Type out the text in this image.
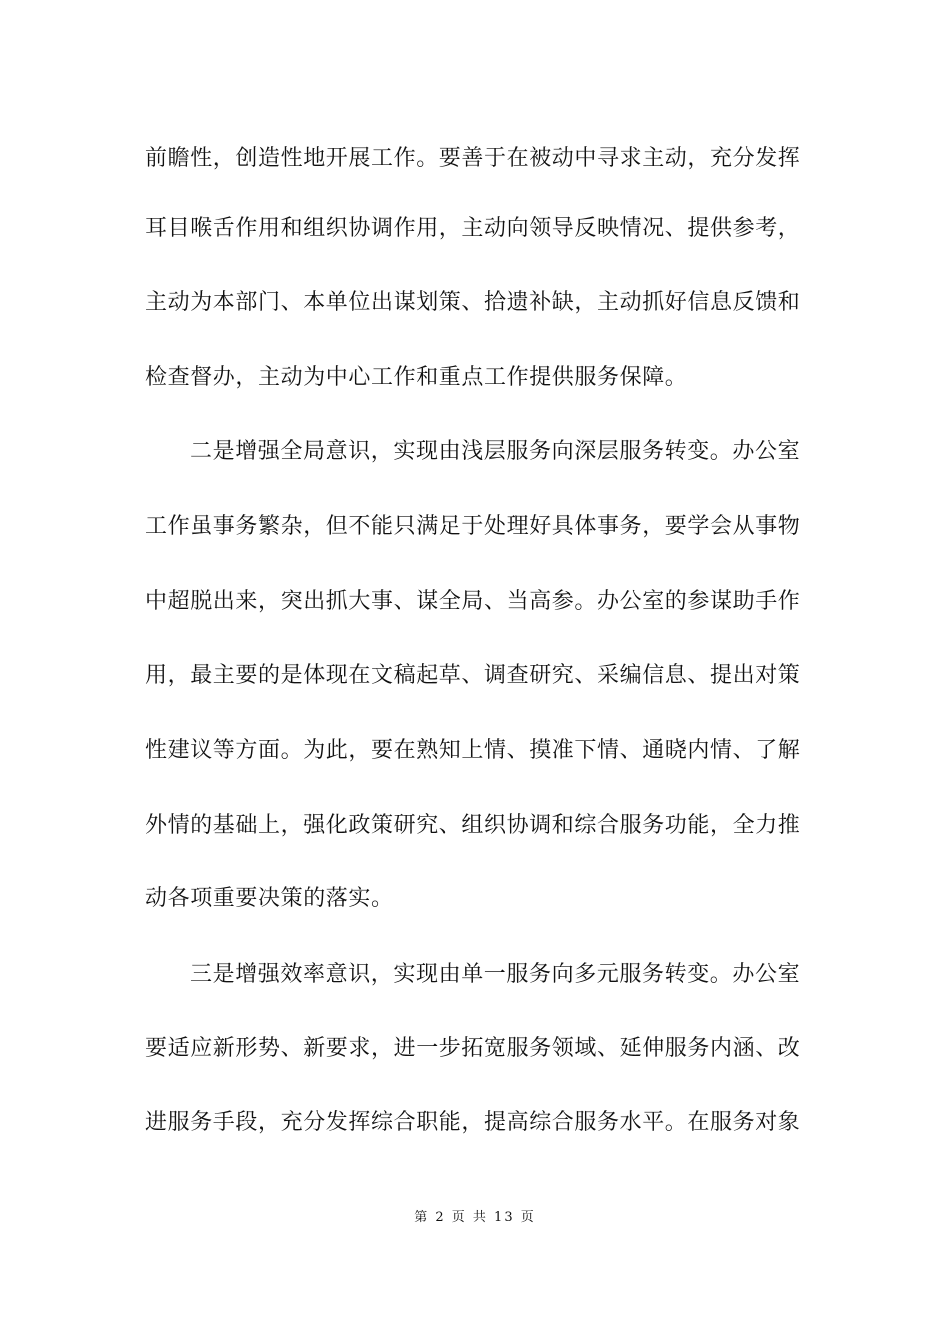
前瞻性，创造性地开展工作。要善于在被动中寻求主动，充分发挥
耳目喉舌作用和组织协调作用，主动向领导反映情况、提供参考，
主动为本部门、本单位出谋划策、拾遗补缺，主动抓好信息反馈和
检查督办，主动为中心工作和重点工作提供服务保障。
二是增强全局意识，实现由浅层服务向深层服务转变。办公室
工作虽事务繁杂，但不能只满足于处理好具体事务，要学会从事物
中超脱出来，突出抓大事、谋全局、当高参。办公室的参谋助手作
用，最主要的是体现在文稿起草、调查研究、采编信息、提出对策
性建议等方面。为此，要在熟知上情、摸准下情、通晓内情、了解
外情的基础上，强化政策研究、组织协调和综合服务功能，全力推
动各项重要决策的落实。
三是增强效率意识，实现由单一服务向多元服务转变。办公室
要适应新形势、新要求，进一步拓宽服务领域、延伸服务内涵、改
进服务手段，充分发挥综合职能，提高综合服务水平。在服务对象
第 2 页 共 13 页
